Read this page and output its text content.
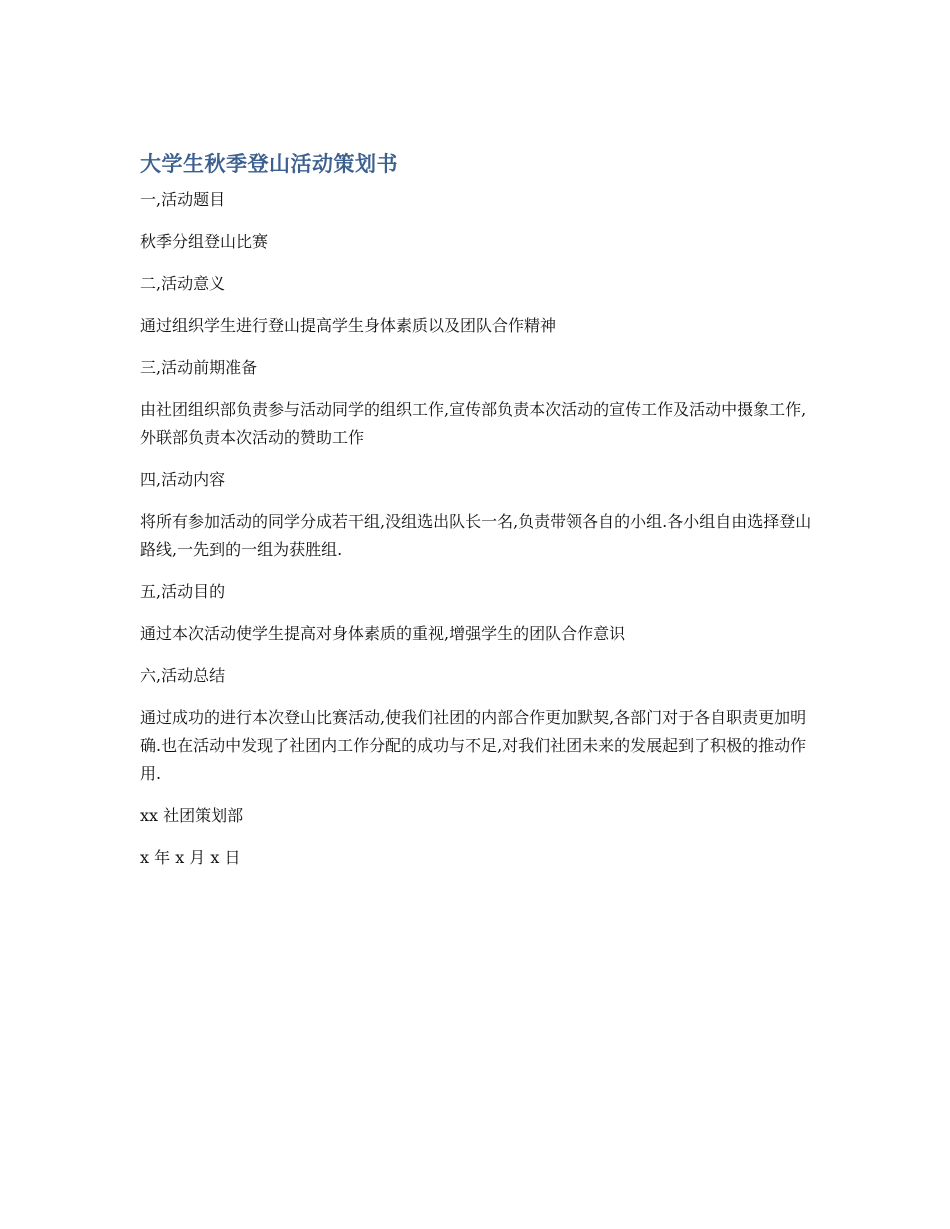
大学生秋季登山活动策划书

一,活动题目

秋季分组登山比赛

二,活动意义

通过组织学生进行登山提高学生身体素质以及团队合作精神

三,活动前期准备

由社团组织部负责参与活动同学的组织工作,宣传部负责本次活动的宣传工作及活动中摄象工作,外联部负责本次活动的赞助工作

四,活动内容

将所有参加活动的同学分成若干组,没组选出队长一名,负责带领各自的小组.各小组自由选择登山路线,一先到的一组为获胜组.

五,活动目的

通过本次活动使学生提高对身体素质的重视,增强学生的团队合作意识

六,活动总结

通过成功的进行本次登山比赛活动,使我们社团的内部合作更加默契,各部门对于各自职责更加明确.也在活动中发现了社团内工作分配的成功与不足,对我们社团未来的发展起到了积极的推动作用.

xx 社团策划部

x 年 x 月 x 日
